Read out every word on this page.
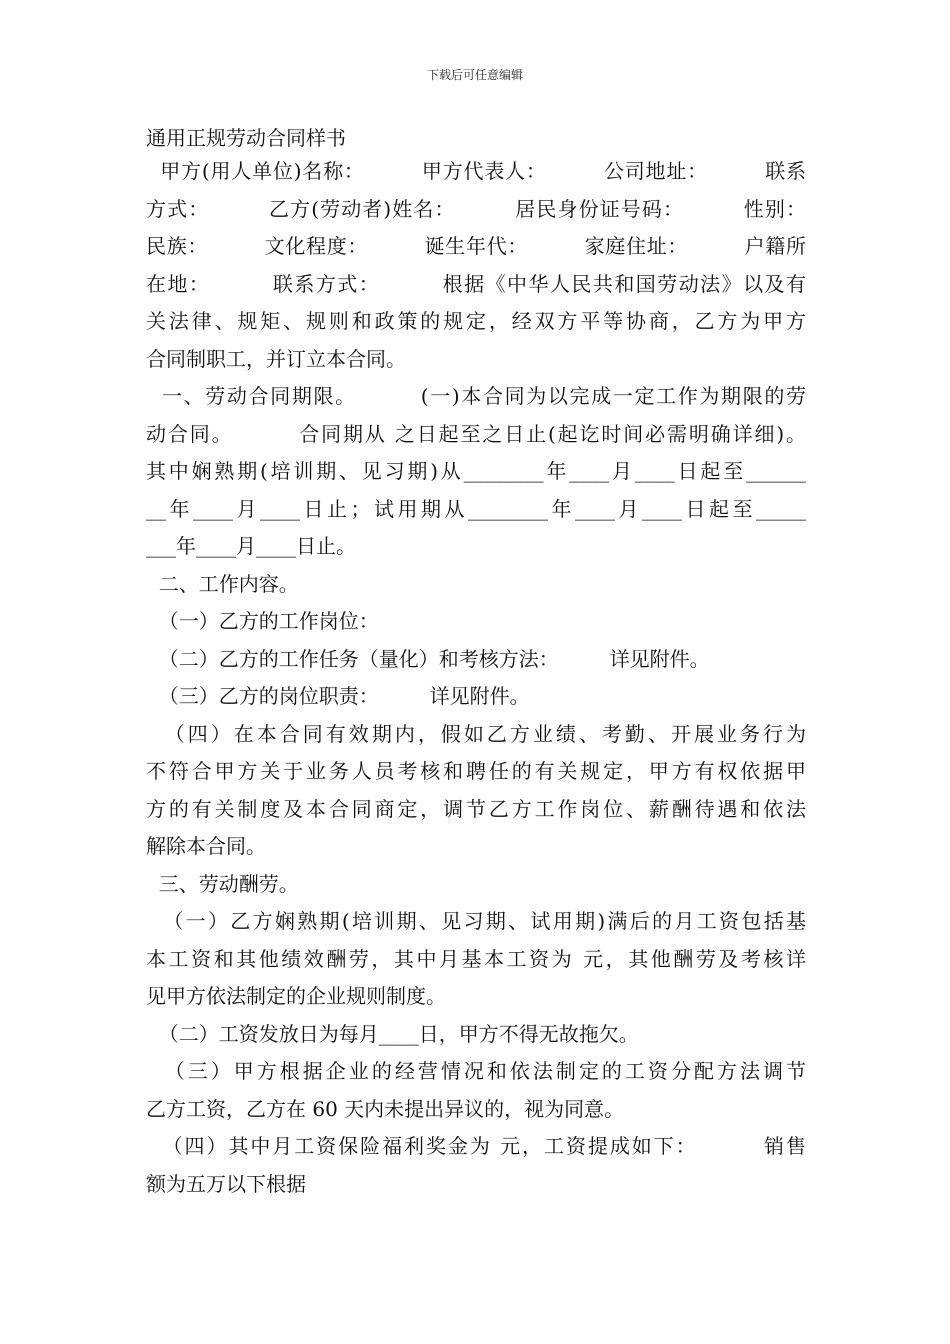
下载后可任意编辑
通用正规劳动合同样书
甲方(用人单位)名称：        甲方代表人：        公司地址：        联系
方式：        乙方(劳动者)姓名：        居民身份证号码：        性别：
民族：        文化程度：        诞生年代：        家庭住址：        户籍所
在地：        联系方式：        根据《中华人民共和国劳动法》以及有
关法律、规矩、规则和政策的规定，经双方平等协商，乙方为甲方
合同制职工，并订立本合同。
一、劳动合同期限。        (一)本合同为以完成一定工作为期限的劳
动合同。        合同期从 之日起至之日止(起讫时间必需明确详细)。
其中娴熟期(培训期、见习期)从________年____月____日起至______
__年____月____日止；试用期从________年____月____日起至_____
___年____月____日止。
二、工作内容。
（一）乙方的工作岗位：
（二）乙方的工作任务（量化）和考核方法：        详见附件。
（三）乙方的岗位职责：        详见附件。
（四）在本合同有效期内，假如乙方业绩、考勤、开展业务行为
不符合甲方关于业务人员考核和聘任的有关规定，甲方有权依据甲
方的有关制度及本合同商定，调节乙方工作岗位、薪酬待遇和依法
解除本合同。
三、劳动酬劳。
（一）乙方娴熟期(培训期、见习期、试用期)满后的月工资包括基
本工资和其他绩效酬劳，其中月基本工资为 元，其他酬劳及考核详
见甲方依法制定的企业规则制度。
（二）工资发放日为每月____日，甲方不得无故拖欠。
（三）甲方根据企业的经营情况和依法制定的工资分配方法调节
乙方工资，乙方在 60 天内未提出异议的，视为同意。
（四）其中月工资保险福利奖金为 元，工资提成如下：        销售
额为五万以下根据
